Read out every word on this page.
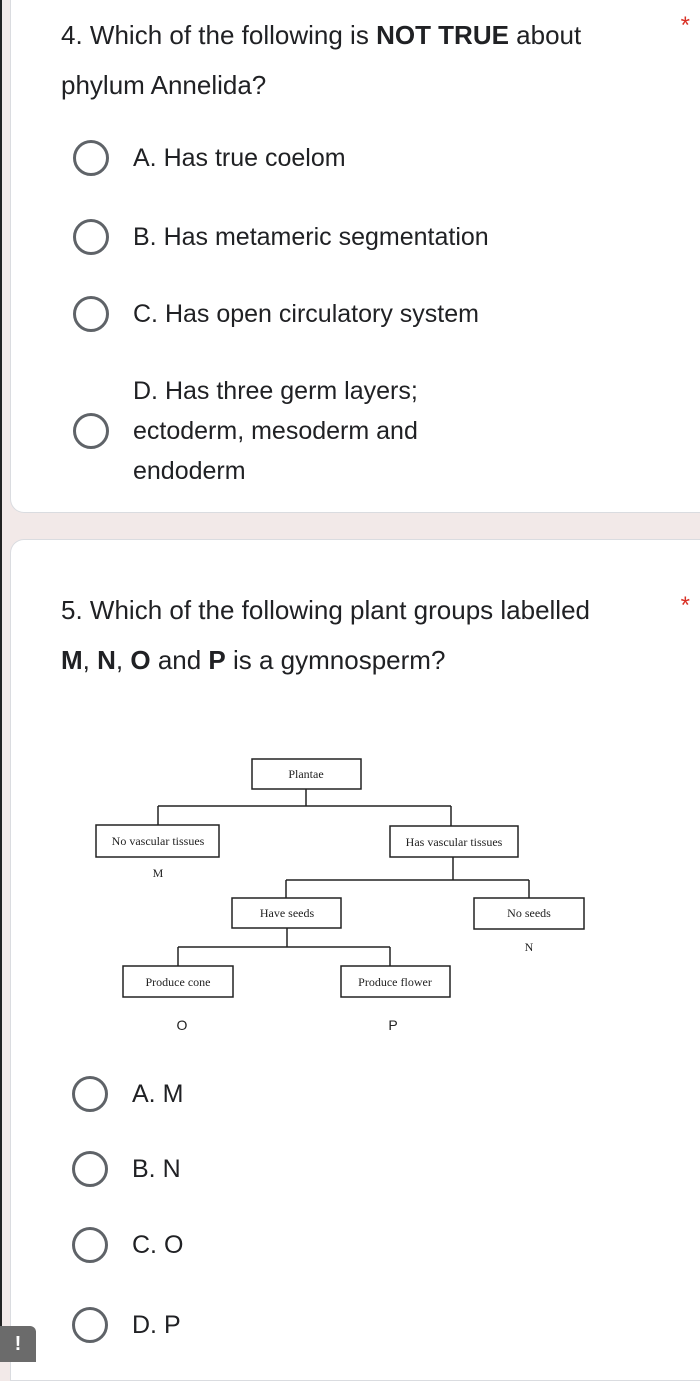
4. Which of the following is NOT TRUE about phylum Annelida?
*
A. Has true coelom
B. Has metameric segmentation
C. Has open circulatory system
D. Has three germ layers; ectoderm, mesoderm and endoderm
5. Which of the following plant groups labelled M, N, O and P is a gymnosperm?
*
Plantae
No vascular tissues	Has vascular tissues
M
Have seeds	No seeds
N
Produce cone	Produce flower
O	P
A. M
B. N
C. O
D. P
!
